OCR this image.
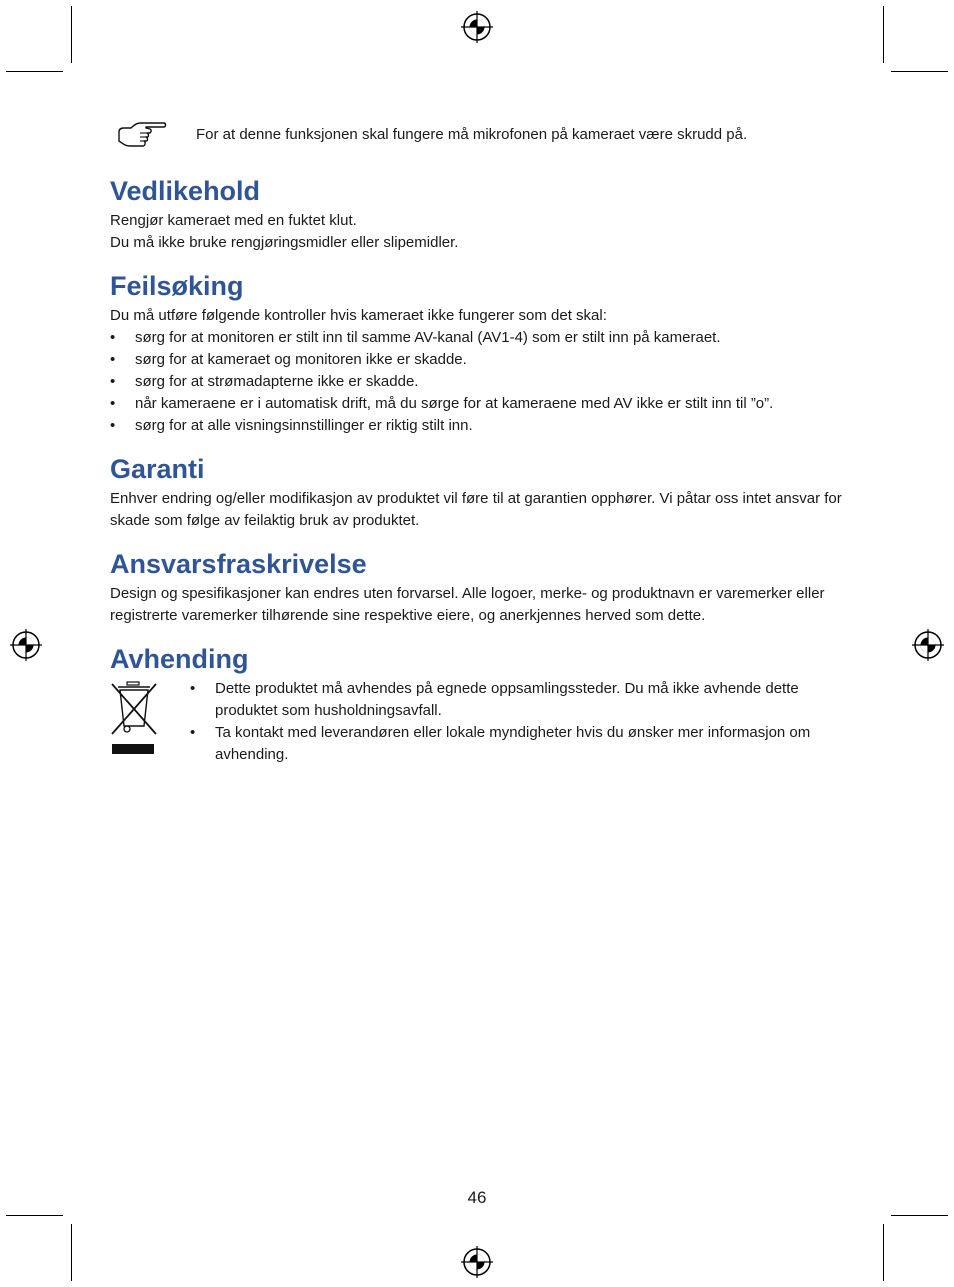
For at denne funksjonen skal fungere må mikrofonen på kameraet være skrudd på.
Vedlikehold

Rengjør kameraet med en fuktet klut.

Du må ikke bruke rengjøringsmidler eller slipemidler.

Feilsøking

Du må utføre følgende kontroller hvis kameraet ikke fungerer som det skal:

• sørg for at monitoren er stilt inn til samme AV-kanal (AV1-4) som er stilt inn på kameraet.
• sørg for at kameraet og monitoren ikke er skadde.
• sørg for at strømadapterne ikke er skadde.
• når kameraene er i automatisk drift, må du sørge for at kameraene med AV ikke er stilt inn til ”ο”.
• sørg for at alle visningsinnstillinger er riktig stilt inn.
Garanti

Enhver endring og/eller modifikasjon av produktet vil føre til at garantien opphører. Vi påtar oss intet ansvar for skade som følge av feilaktig bruk av produktet.

Ansvarsfraskrivelse

Design og spesifikasjoner kan endres uten forvarsel. Alle logoer, merke- og produktnavn er varemerker eller registrerte varemerker tilhørende sine respektive eiere, og anerkjennes herved som dette.

Avhending
• Dette produktet må avhendes på egnede oppsamlingssteder. Du må ikke avhende dette produktet som husholdningsavfall.
• Ta kontakt med leverandøren eller lokale myndigheter hvis du ønsker mer informasjon om avhending.
46
